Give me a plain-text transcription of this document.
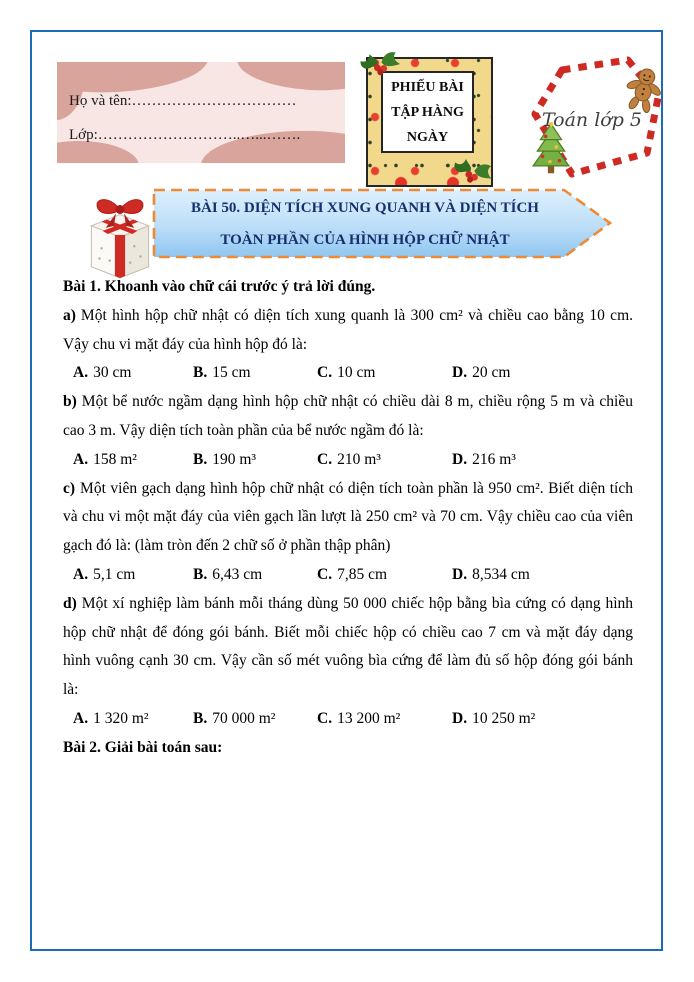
Họ và tên:……………………………
Lớp:………………………..…...…….
PHIẾU BÀI
TẬP HÀNG
NGÀY
Toán lớp 5
BÀI 50. DIỆN TÍCH XUNG QUANH VÀ DIỆN TÍCH
TOÀN PHẦN CỦA HÌNH HỘP CHỮ NHẬT

Bài 1. Khoanh vào chữ cái trước ý trả lời đúng.

a) Một hình hộp chữ nhật có diện tích xung quanh là 300 cm² và chiều cao bằng 10 cm. Vậy chu vi mặt đáy của hình hộp đó là:

A. 30 cm	B. 15 cm	C. 10 cm	D. 20 cm

b) Một bể nước ngầm dạng hình hộp chữ nhật có chiều dài 8 m, chiều rộng 5 m và chiều cao 3 m. Vậy diện tích toàn phần của bể nước ngầm đó là:

A. 158 m²	B. 190 m³	C. 210 m³	D. 216 m³

c) Một viên gạch dạng hình hộp chữ nhật có diện tích toàn phần là 950 cm². Biết diện tích và chu vi một mặt đáy của viên gạch lần lượt là 250 cm² và 70 cm. Vậy chiều cao của viên gạch đó là: (làm tròn đến 2 chữ số ở phần thập phân)

A. 5,1 cm	B. 6,43 cm	C. 7,85 cm	D. 8,534 cm

d) Một xí nghiệp làm bánh mỗi tháng dùng 50 000 chiếc hộp bằng bìa cứng có dạng hình hộp chữ nhật để đóng gói bánh. Biết mỗi chiếc hộp có chiều cao 7 cm và mặt đáy dạng hình vuông cạnh 30 cm. Vậy cần số mét vuông bìa cứng để làm đủ số hộp đóng gói bánh là:

A. 1 320 m²	B. 70 000 m²	C. 13 200 m²	D. 10 250 m²

Bài 2. Giải bài toán sau:
